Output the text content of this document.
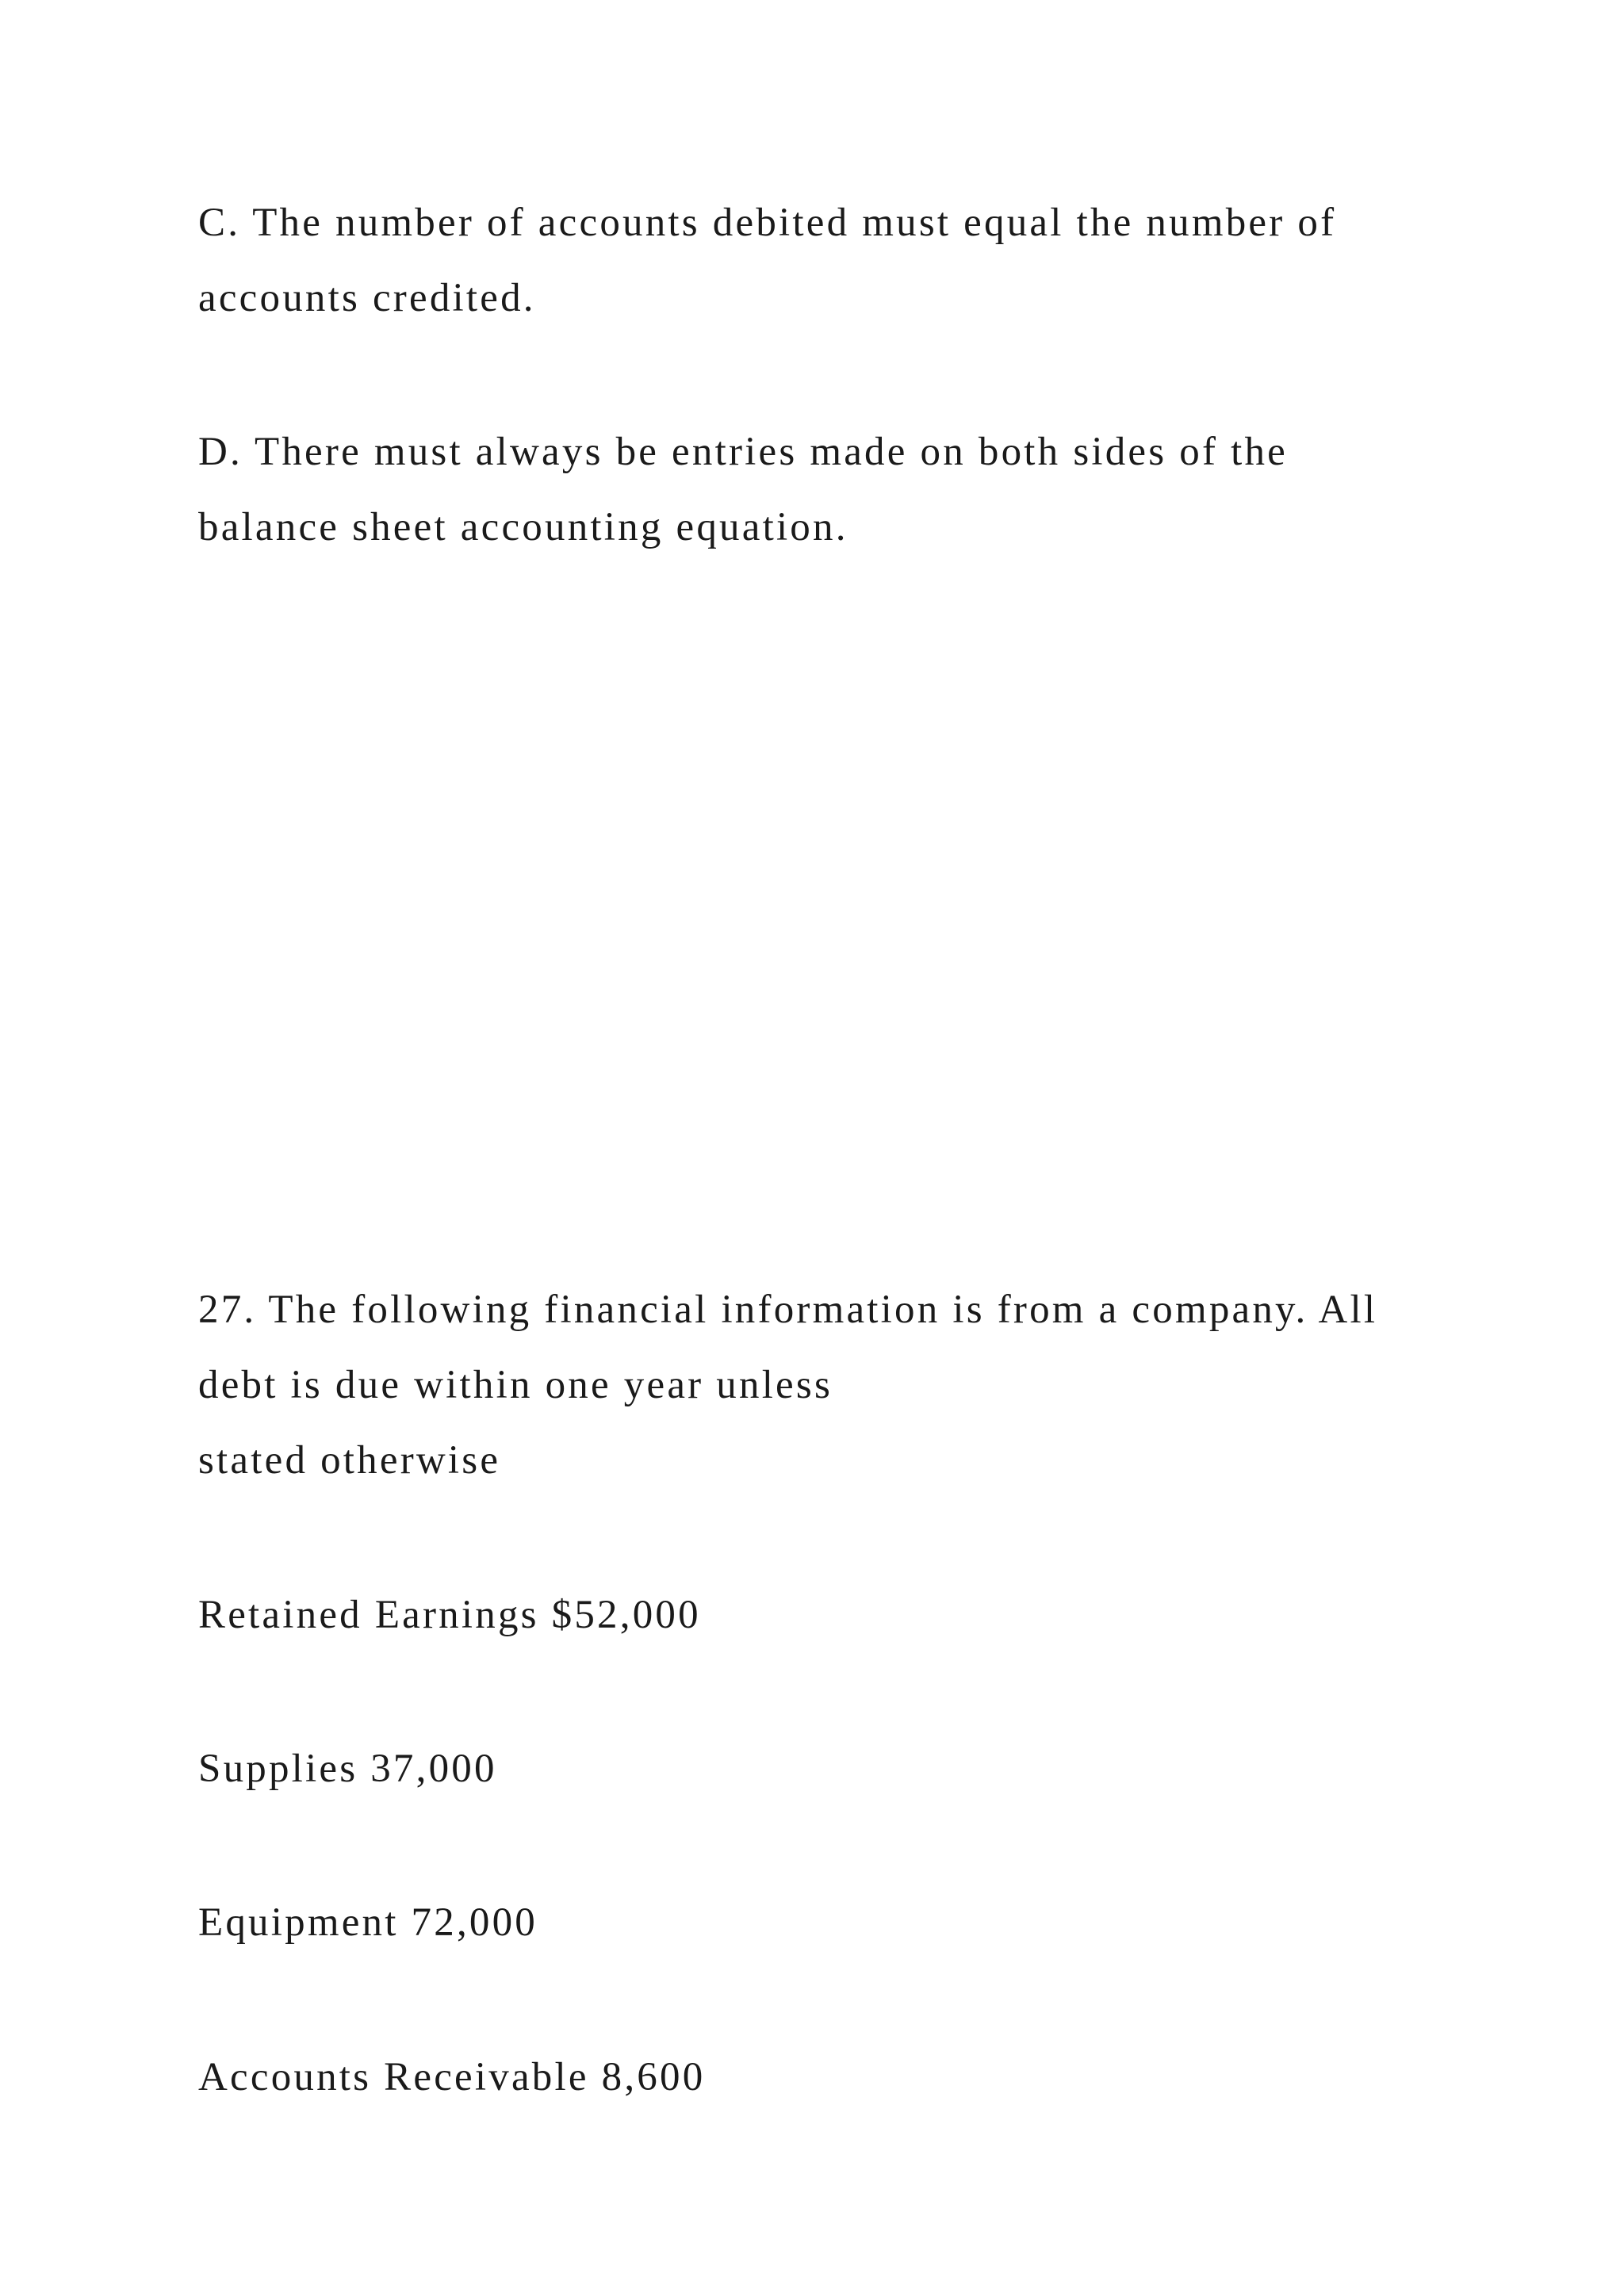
C. The number of accounts debited must equal the number of
accounts credited.
D. There must always be entries made on both sides of the
balance sheet accounting equation.
27. The following financial information is from a company. All
debt is due within one year unless
stated otherwise
Retained Earnings $52,000
Supplies 37,000
Equipment 72,000
Accounts Receivable 8,600
